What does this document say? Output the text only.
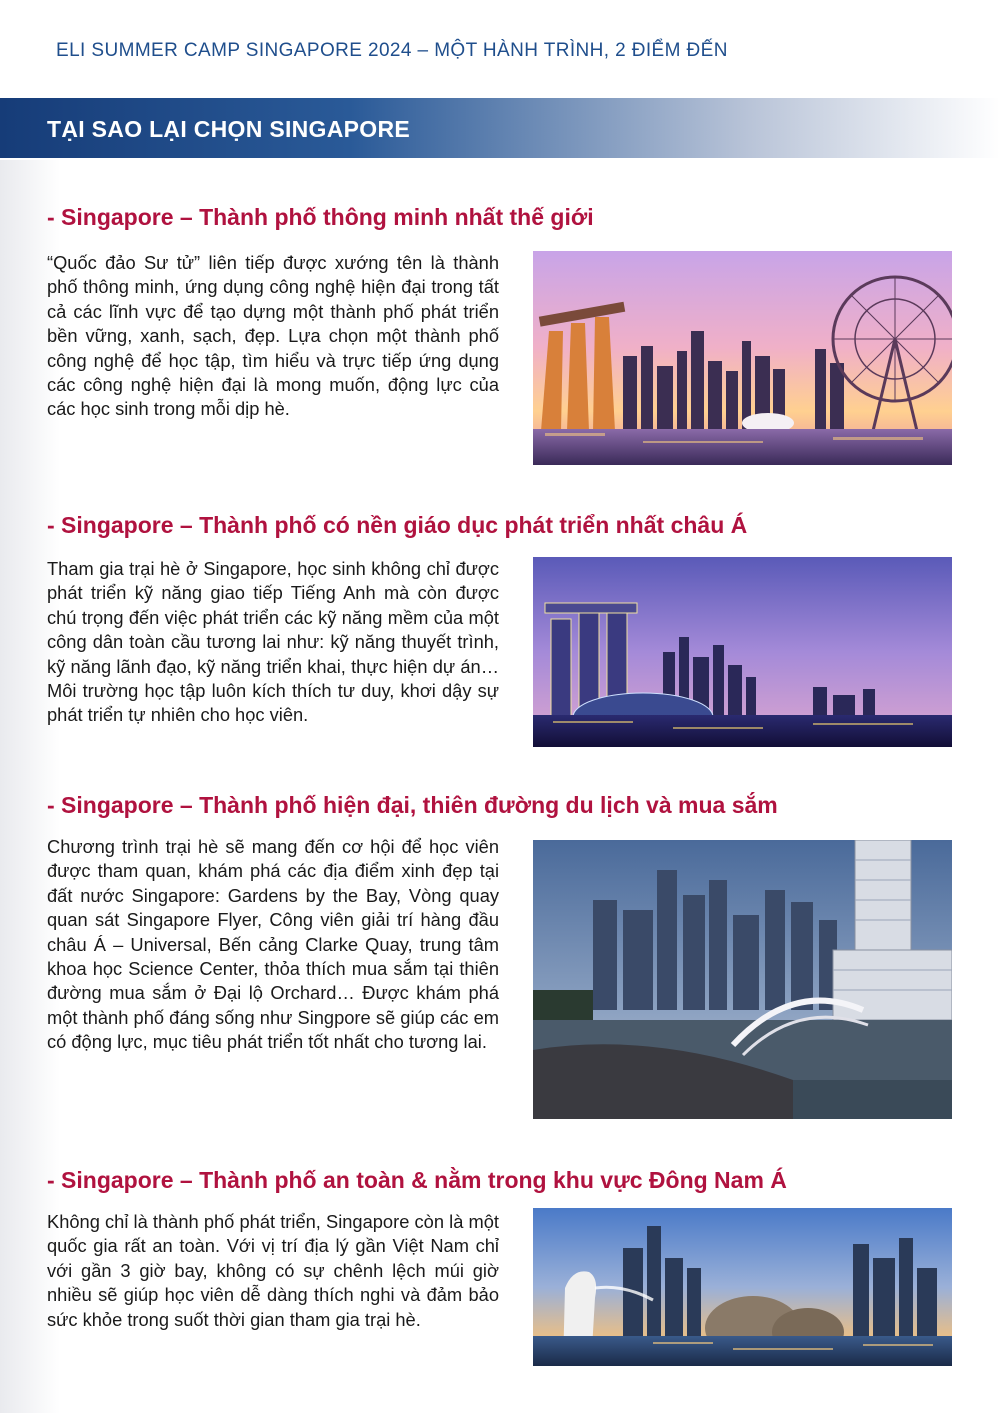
ELI SUMMER CAMP SINGAPORE 2024 – MỘT HÀNH TRÌNH, 2 ĐIỂM ĐẾN
TẠI SAO LẠI CHỌN SINGAPORE
- Singapore – Thành phố thông minh nhất thế giới

“Quốc đảo Sư tử” liên tiếp được xướng tên là thành phố thông minh, ứng dụng công nghệ hiện đại trong tất cả các lĩnh vực để tạo dựng một thành phố phát triển bền vững, xanh, sạch, đẹp. Lựa chọn một thành phố công nghệ để học tập, tìm hiểu và trực tiếp ứng dụng các công nghệ hiện đại là mong muốn, động lực của các học sinh trong mỗi dịp hè.

- Singapore – Thành phố có nền giáo dục phát triển nhất châu Á

Tham gia trại hè ở Singapore, học sinh không chỉ được phát triển kỹ năng giao tiếp Tiếng Anh mà còn được chú trọng đến việc phát triển các kỹ năng mềm của một công dân toàn cầu tương lai như: kỹ năng thuyết trình, kỹ năng lãnh đạo, kỹ năng triển khai, thực hiện dự án…Môi trường học tập luôn kích thích tư duy, khơi dậy sự phát triển tự nhiên cho học viên.

- Singapore – Thành phố hiện đại, thiên đường du lịch và mua sắm

Chương trình trại hè sẽ mang đến cơ hội để học viên được tham quan, khám phá các địa điểm xinh đẹp tại đất nước Singapore: Gardens by the Bay, Vòng quay quan sát Singapore Flyer, Công viên giải trí hàng đầu châu Á – Universal, Bến cảng Clarke Quay, trung tâm khoa học Science Center, thỏa thích mua sắm tại thiên đường mua sắm ở Đại lộ Orchard… Được khám phá một thành phố đáng sống như Singpore sẽ giúp các em có động lực, mục tiêu phát triển tốt nhất cho tương lai.

- Singapore – Thành phố an toàn & nằm trong khu vực Đông Nam Á

Không chỉ là thành phố phát triển, Singapore còn là một quốc gia rất an toàn. Với vị trí địa lý gần Việt Nam chỉ với gần 3 giờ bay, không có sự chênh lệch múi giờ nhiều sẽ giúp học viên dễ dàng thích nghi và đảm bảo sức khỏe trong suốt thời gian tham gia trại hè.
